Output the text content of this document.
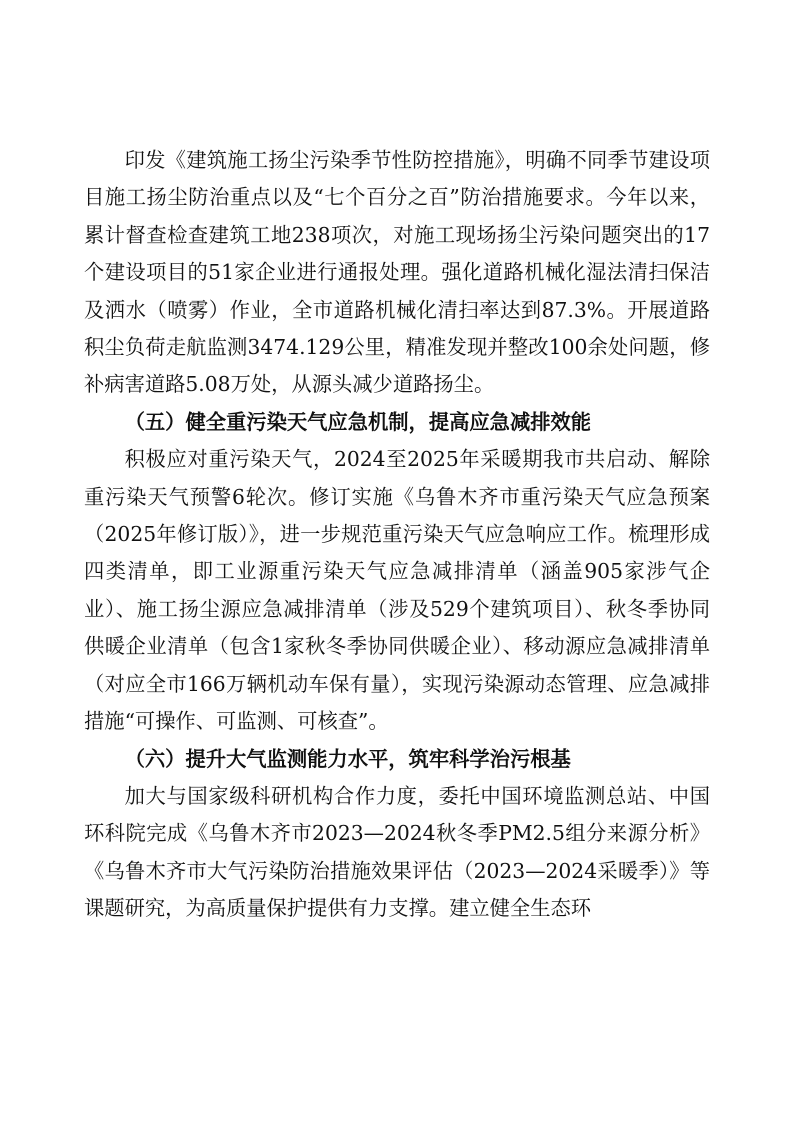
印发《建筑施工扬尘污染季节性防控措施》，明确不同季节建设项目施工扬尘防治重点以及“七个百分之百”防治措施要求。今年以来，累计督查检查建筑工地238项次，对施工现场扬尘污染问题突出的17个建设项目的51家企业进行通报处理。强化道路机械化湿法清扫保洁及洒水（喷雾）作业，全市道路机械化清扫率达到87.3%。开展道路积尘负荷走航监测3474.129公里，精准发现并整改100余处问题，修补病害道路5.08万处，从源头减少道路扬尘。

（五）健全重污染天气应急机制，提高应急减排效能

积极应对重污染天气，2024至2025年采暖期我市共启动、解除重污染天气预警6轮次。修订实施《乌鲁木齐市重污染天气应急预案（2025年修订版）》，进一步规范重污染天气应急响应工作。梳理形成四类清单，即工业源重污染天气应急减排清单（涵盖905家涉气企业）、施工扬尘源应急减排清单（涉及529个建筑项目）、秋冬季协同供暖企业清单（包含1家秋冬季协同供暖企业）、移动源应急减排清单（对应全市166万辆机动车保有量），实现污染源动态管理、应急减排措施“可操作、可监测、可核查”。

（六）提升大气监测能力水平，筑牢科学治污根基

加大与国家级科研机构合作力度，委托中国环境监测总站、中国环科院完成《乌鲁木齐市2023—2024秋冬季PM2.5组分来源分析》《乌鲁木齐市大气污染防治措施效果评估（2023—2024采暖季）》等课题研究，为高质量保护提供有力支撑。建立健全生态环
